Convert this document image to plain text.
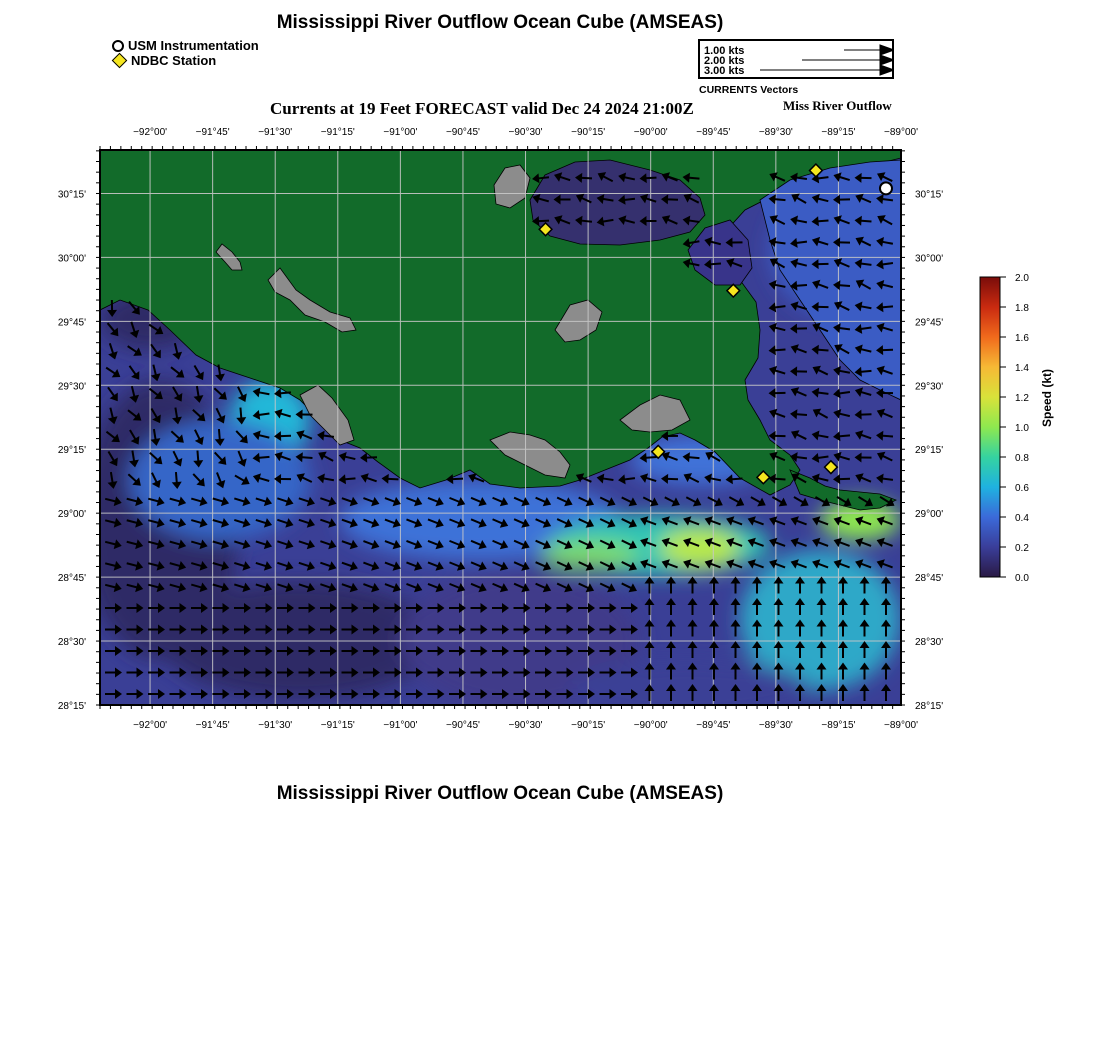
Mississippi River Outflow Ocean Cube (AMSEAS)
USM Instrumentation
NDBC Station
1.00 kts
2.00 kts
3.00 kts
CURRENTS Vectors
Currents at 19 Feet FORECAST valid Dec 24 2024 21:00Z	Miss River Outflow
−92°00'
−92°00'
−91°45'
−91°45'
−91°30'
−91°30'
−91°15'
−91°15'
−91°00'
−91°00'
−90°45'
−90°45'
−90°30'
−90°30'
−90°15'
−90°15'
−90°00'
−90°00'
−89°45'
−89°45'
−89°30'
−89°30'
−89°15'
−89°15'
−89°00'
−89°00'
30°15'	30°15'
30°00'	30°00'
29°45'	29°45'
29°30'	29°30'
29°15'	29°15'
29°00'	29°00'
28°45'	28°45'
28°30'	28°30'
28°15'	28°15'
2.0
1.8
1.6
1.4
1.2
1.0
0.8
0.6
0.4
0.2
0.0
Speed (kt)
Mississippi River Outflow Ocean Cube (AMSEAS)
